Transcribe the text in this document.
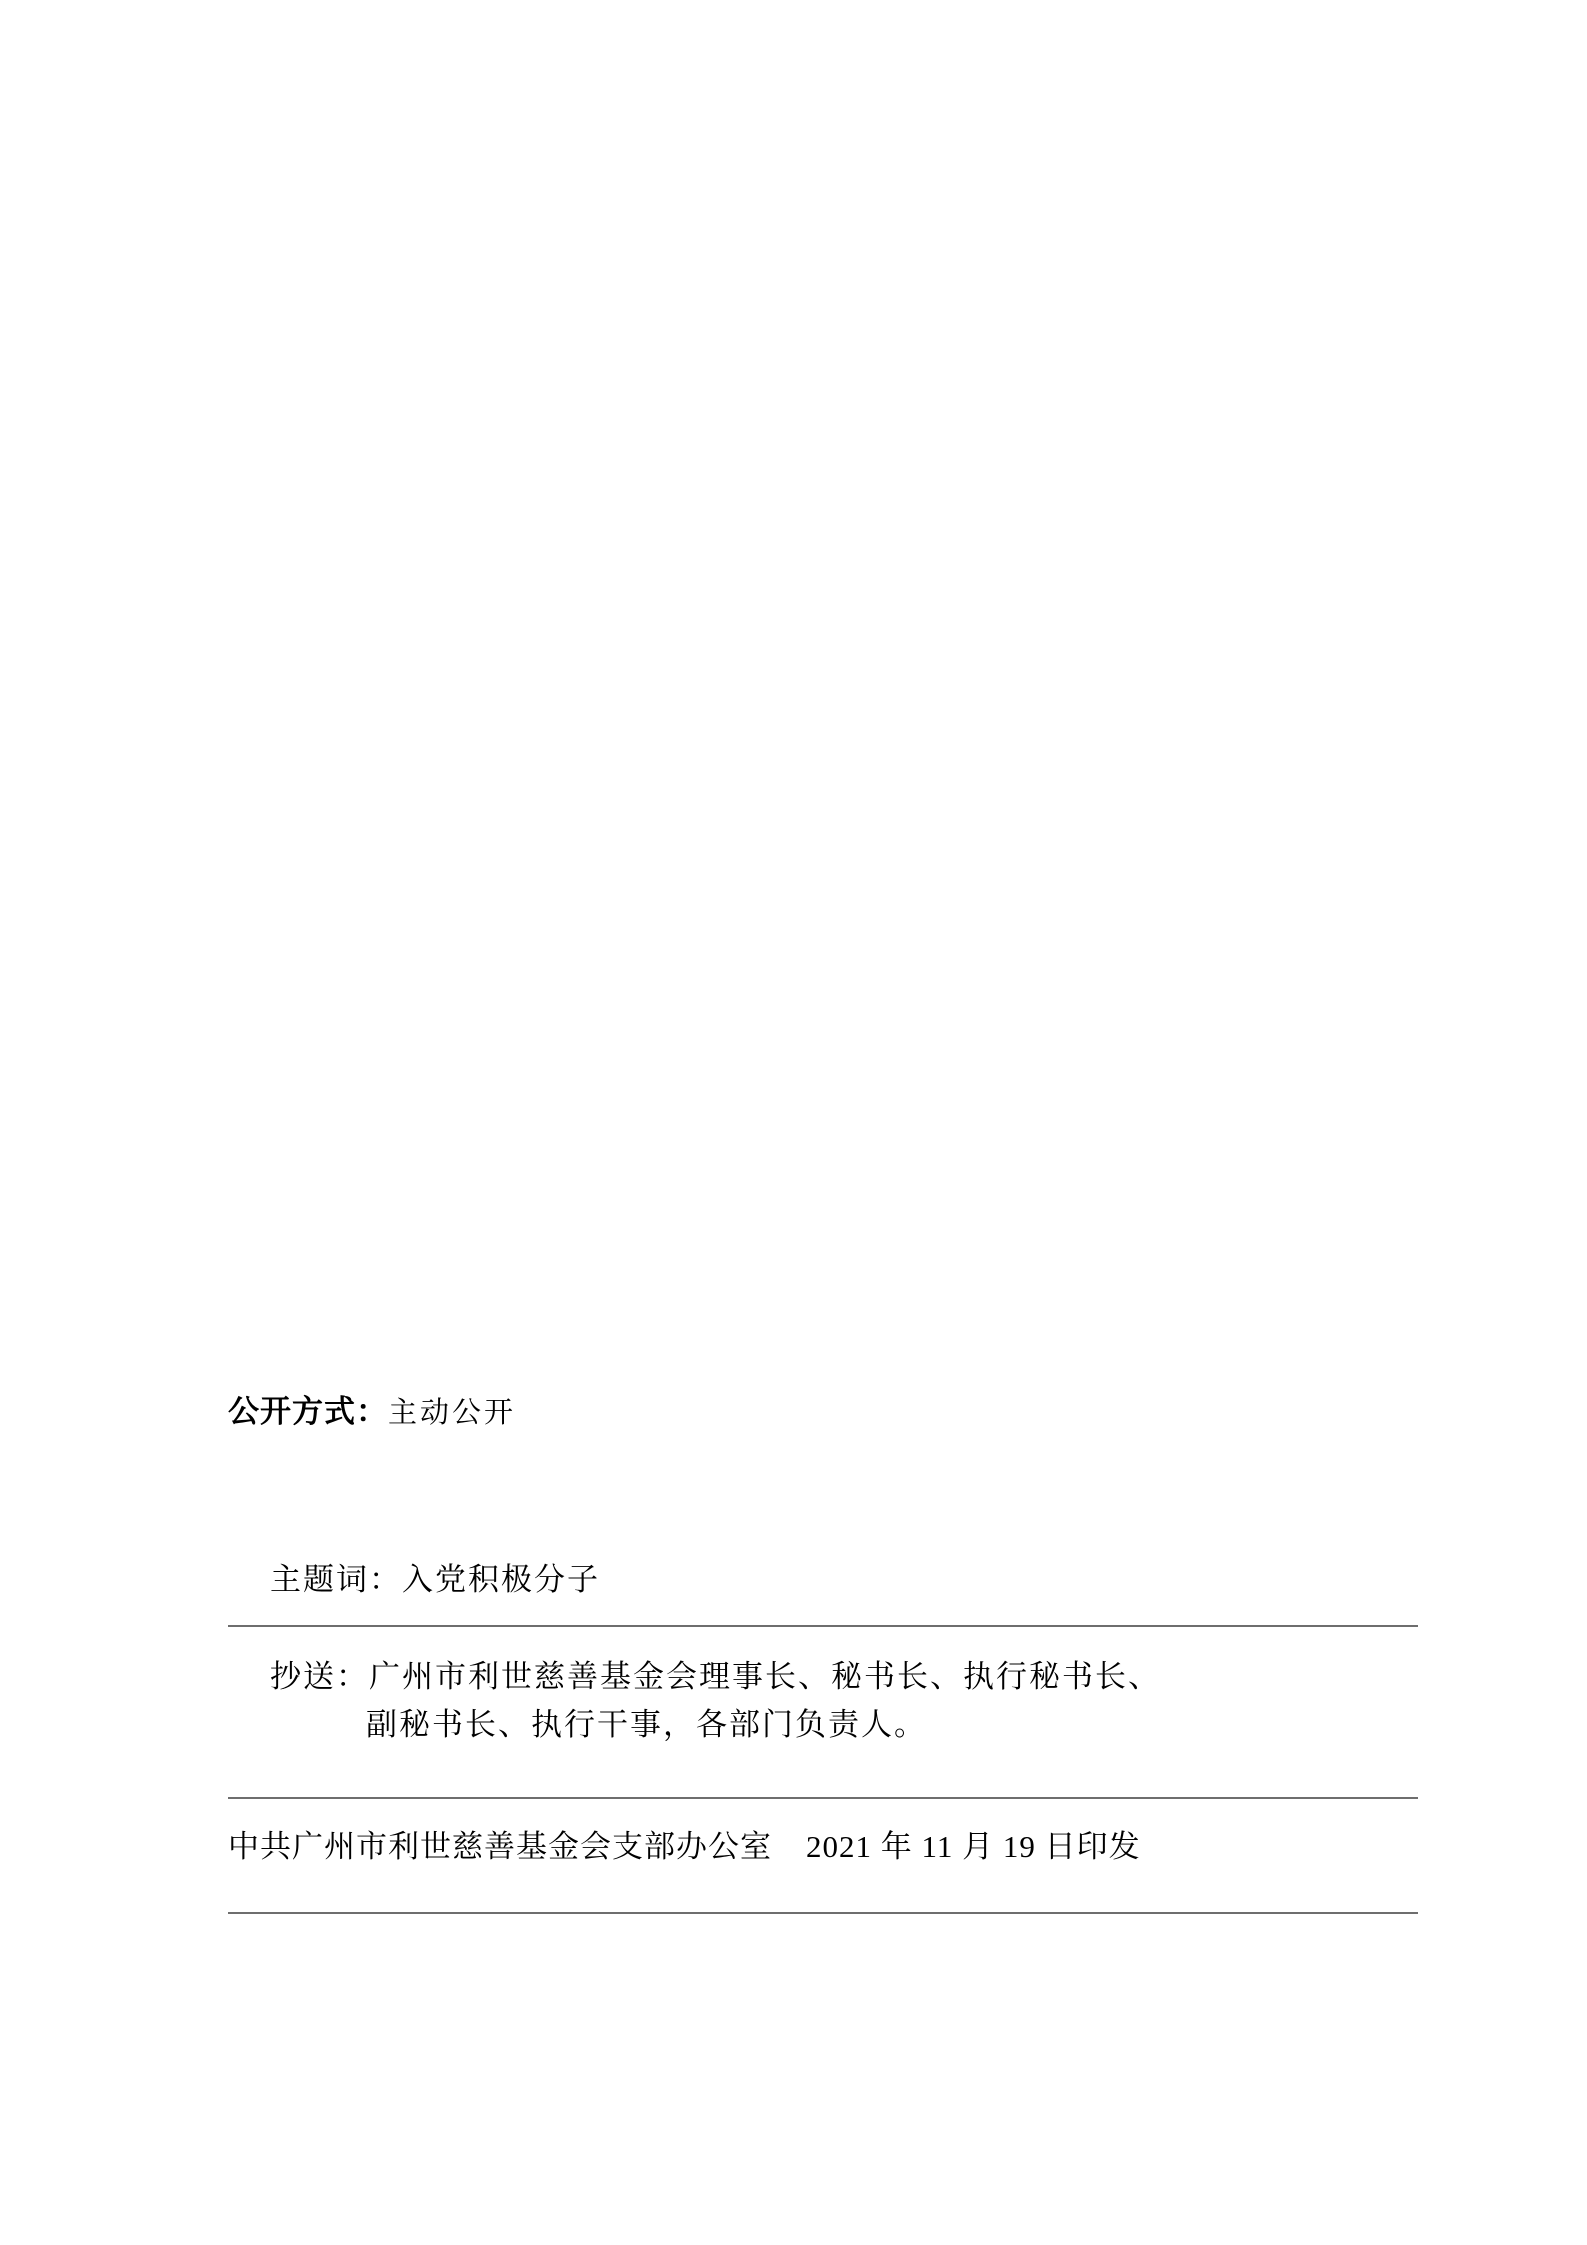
公开方式：主动公开
主题词：入党积极分子
抄送：广州市利世慈善基金会理事长、秘书长、执行秘书长、
副秘书长、执行干事，各部门负责人。
中共广州市利世慈善基金会支部办公室 2021 年 11 月 19 日印发
